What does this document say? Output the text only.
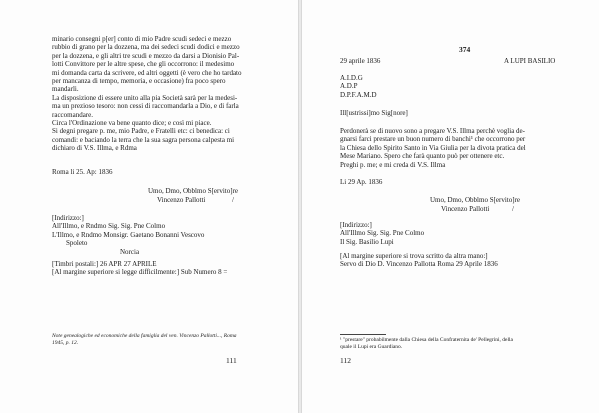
minario consegni p[er] conto di mio Padre scudi sedeci e mezzo
rubbio di grano per la dozzena, ma dei sedeci scudi dodici e mezzo
per la dozzena, e gli altri tre scudi e mezzo da darsi a Dionisio Pal-
lotti Convittore per le altre spese, che gli occorrono: il medesimo
mi domanda carta da scrivere, ed altri oggetti (è vero che ho tardato
per mancanza di tempo, memoria, e occasione) fra poco spero
mandarli.
La disposizione di essere unito alla pia Società sarà per la medesi-
ma un prezioso tesoro: non cessi di raccomandarla a Dio, e di farla
raccomandare.
Circa l'Ordinazione va bene quanto dice; e così mi piace.
Si degni pregare p. me, mio Padre, e Fratelli etc: ci benedica: ci
comandi: e baciando la terra che la sua sagra persona calpesta mi
dichiaro di V.S. Illma, e Rdma
Roma li 25. Ap: 1836
Umo, Dmo, Obblmo S[ervito]re
Vincenzo Pallotti	/
[Indirizzo:]
All'Illmo, e Rndmo Sig. Sig. Pne Colmo
L'Illmo, e Rndmo Monsigr. Gaetano Bonanni Vescovo
Spoleto
Norcia
[Timbri postali:] 26 APR 27 APRILE
[Al margine superiore si legge difficilmente:] Sub Numero 8 =
Note genealogiche ed economiche della famiglia del ven. Vincenzo Pallotti..., Roma
1945, p. 12.
111
374
29 aprile 1836	A LUPI BASILIO
A.I.D.G
A.D.P
D.P.F.A.M.D
Ill[ustrissi]mo Sig[nore]
Perdonerà se di nuovo sono a pregare V.S. Illma perchè voglia de-
gnarsi farci prestare un buon numero di banchi¹ che occorrono per
la Chiesa dello Spirito Santo in Via Giulia per la divota pratica del
Mese Mariano. Spero che farà quanto può per ottenere etc.
Preghi p. me; e mi creda di V.S. Illma
Li 29 Ap. 1836
Umo, Dmo, Obblmo S[ervito]re
Vincenzo Pallotti	/
[Indirizzo:]
All'Illmo Sig. Sig. Pne Colmo
Il Sig. Basilio Lupi
[Al margine superiore si trova scritto da altra mano:]
Servo di Dio D. Vincenzo Pallotta Roma 29 Aprile 1836
¹ "prestare" probabilmente dalla Chiesa della Confraternita de' Pellegrini, della
quale il Lupi era Guardiano.
112
